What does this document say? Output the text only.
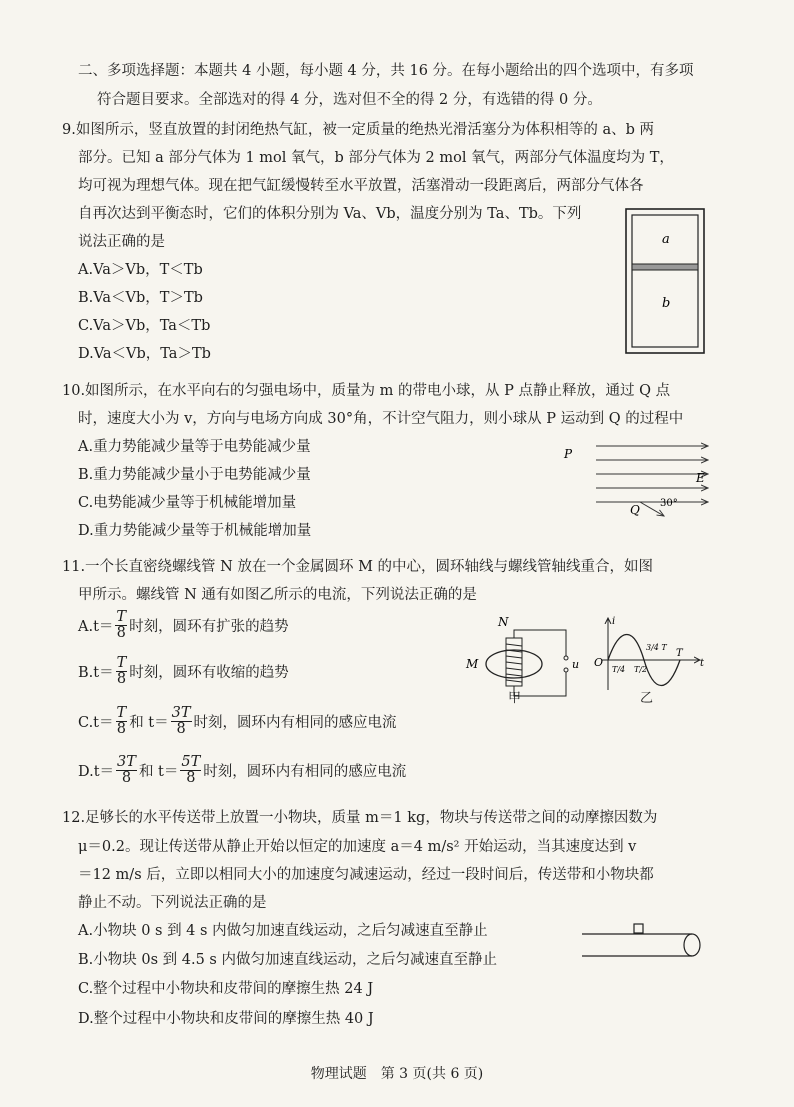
二、多项选择题：本题共 4 小题，每小题 4 分，共 16 分。在每小题给出的四个选项中，有多项
符合题目要求。全部选对的得 4 分，选对但不全的得 2 分，有选错的得 0 分。
9.如图所示，竖直放置的封闭绝热气缸，被一定质量的绝热光滑活塞分为体积相等的 a、b 两
部分。已知 a 部分气体为 1 mol 氧气，b 部分气体为 2 mol 氧气，两部分气体温度均为 T，
均可视为理想气体。现在把气缸缓慢转至水平放置，活塞滑动一段距离后，两部分气体各
自再次达到平衡态时，它们的体积分别为 Va、Vb，温度分别为 Ta、Tb。下列
说法正确的是
A.Va＞Vb，T＜Tb
B.Va＜Vb，T＞Tb
C.Va＞Vb，Ta＜Tb
D.Va＜Vb，Ta＞Tb
a
b
10.如图所示，在水平向右的匀强电场中，质量为 m 的带电小球，从 P 点静止释放，通过 Q 点
时，速度大小为 v，方向与电场方向成 30°角，不计空气阻力，则小球从 P 运动到 Q 的过程中
A.重力势能减少量等于电势能减少量
B.重力势能减少量小于电势能减少量
C.电势能减少量等于机械能增加量
D.重力势能减少量等于机械能增加量
P
E
Q 30°
11.一个长直密绕螺线管 N 放在一个金属圆环 M 的中心，圆环轴线与螺线管轴线重合，如图
甲所示。螺线管 N 通有如图乙所示的电流，下列说法正确的是
$A.t= \frac{T}{8}$ 时刻，圆环有扩张的趋势
$B.t= \frac{T}{8}$ 时刻，圆环有收缩的趋势
$C.t= \frac{T}{8}$ 和 $t= \frac{3T}{8}$ 时刻，圆环内有相同的感应电流
$D.t= \frac{3T}{8}$ 和 $t= \frac{5T}{8}$ 时刻，圆环内有相同的感应电流
N
M	u
甲
i
O	t
T
3/4 T
T/4 T/2
乙
12.足够长的水平传送带上放置一小物块，质量 m＝1 kg，物块与传送带之间的动摩擦因数为
μ＝0.2。现让传送带从静止开始以恒定的加速度 a＝4 m/s² 开始运动，当其速度达到 v
＝12 m/s 后，立即以相同大小的加速度匀减速运动，经过一段时间后，传送带和小物块都
静止不动。下列说法正确的是
A.小物块 0 s 到 4 s 内做匀加速直线运动，之后匀减速直至静止
B.小物块 0s 到 4.5 s 内做匀加速直线运动，之后匀减速直至静止
C.整个过程中小物块和皮带间的摩擦生热 24 J
D.整个过程中小物块和皮带间的摩擦生热 40 J
物理试题　第 3 页(共 6 页)
